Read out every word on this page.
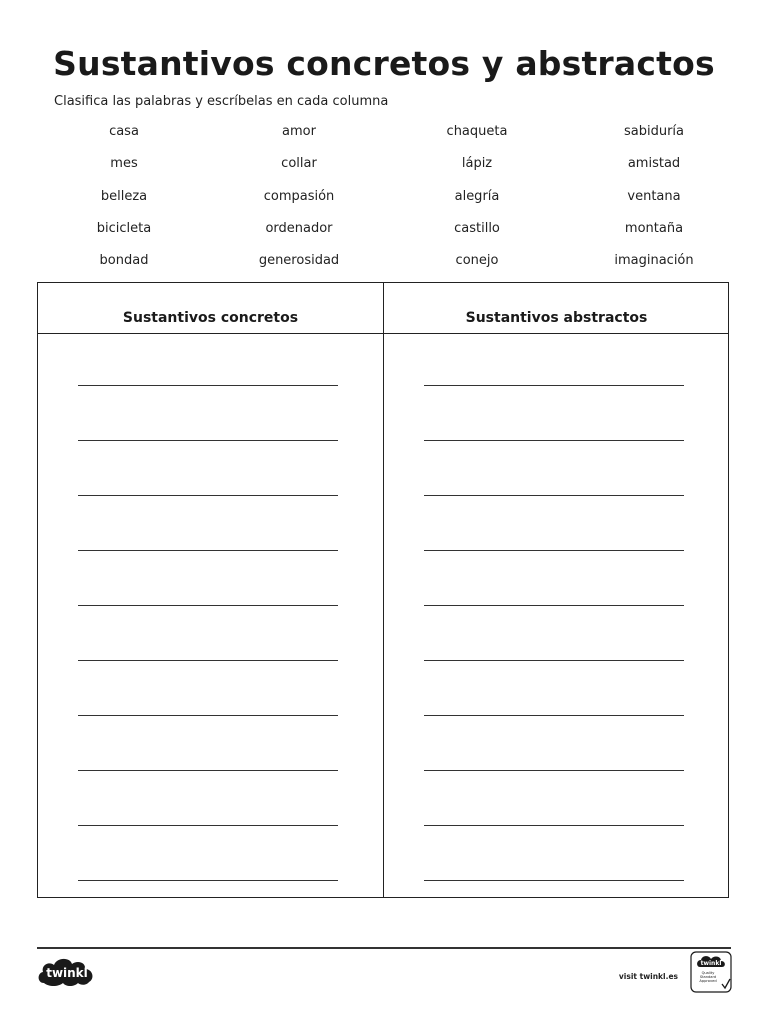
Sustantivos concretos y abstractos
Clasifica las palabras y escríbelas en cada columna
casa	amor	chaqueta	sabiduría
mes	collar	lápiz	amistad
belleza	compasión	alegría	ventana
bicicleta	ordenador	castillo	montaña
bondad	generosidad	conejo	imaginación
Sustantivos concretos	Sustantivos abstractos
twinkl	visit twinkl.es
twinkl
Quality Standard Approved
